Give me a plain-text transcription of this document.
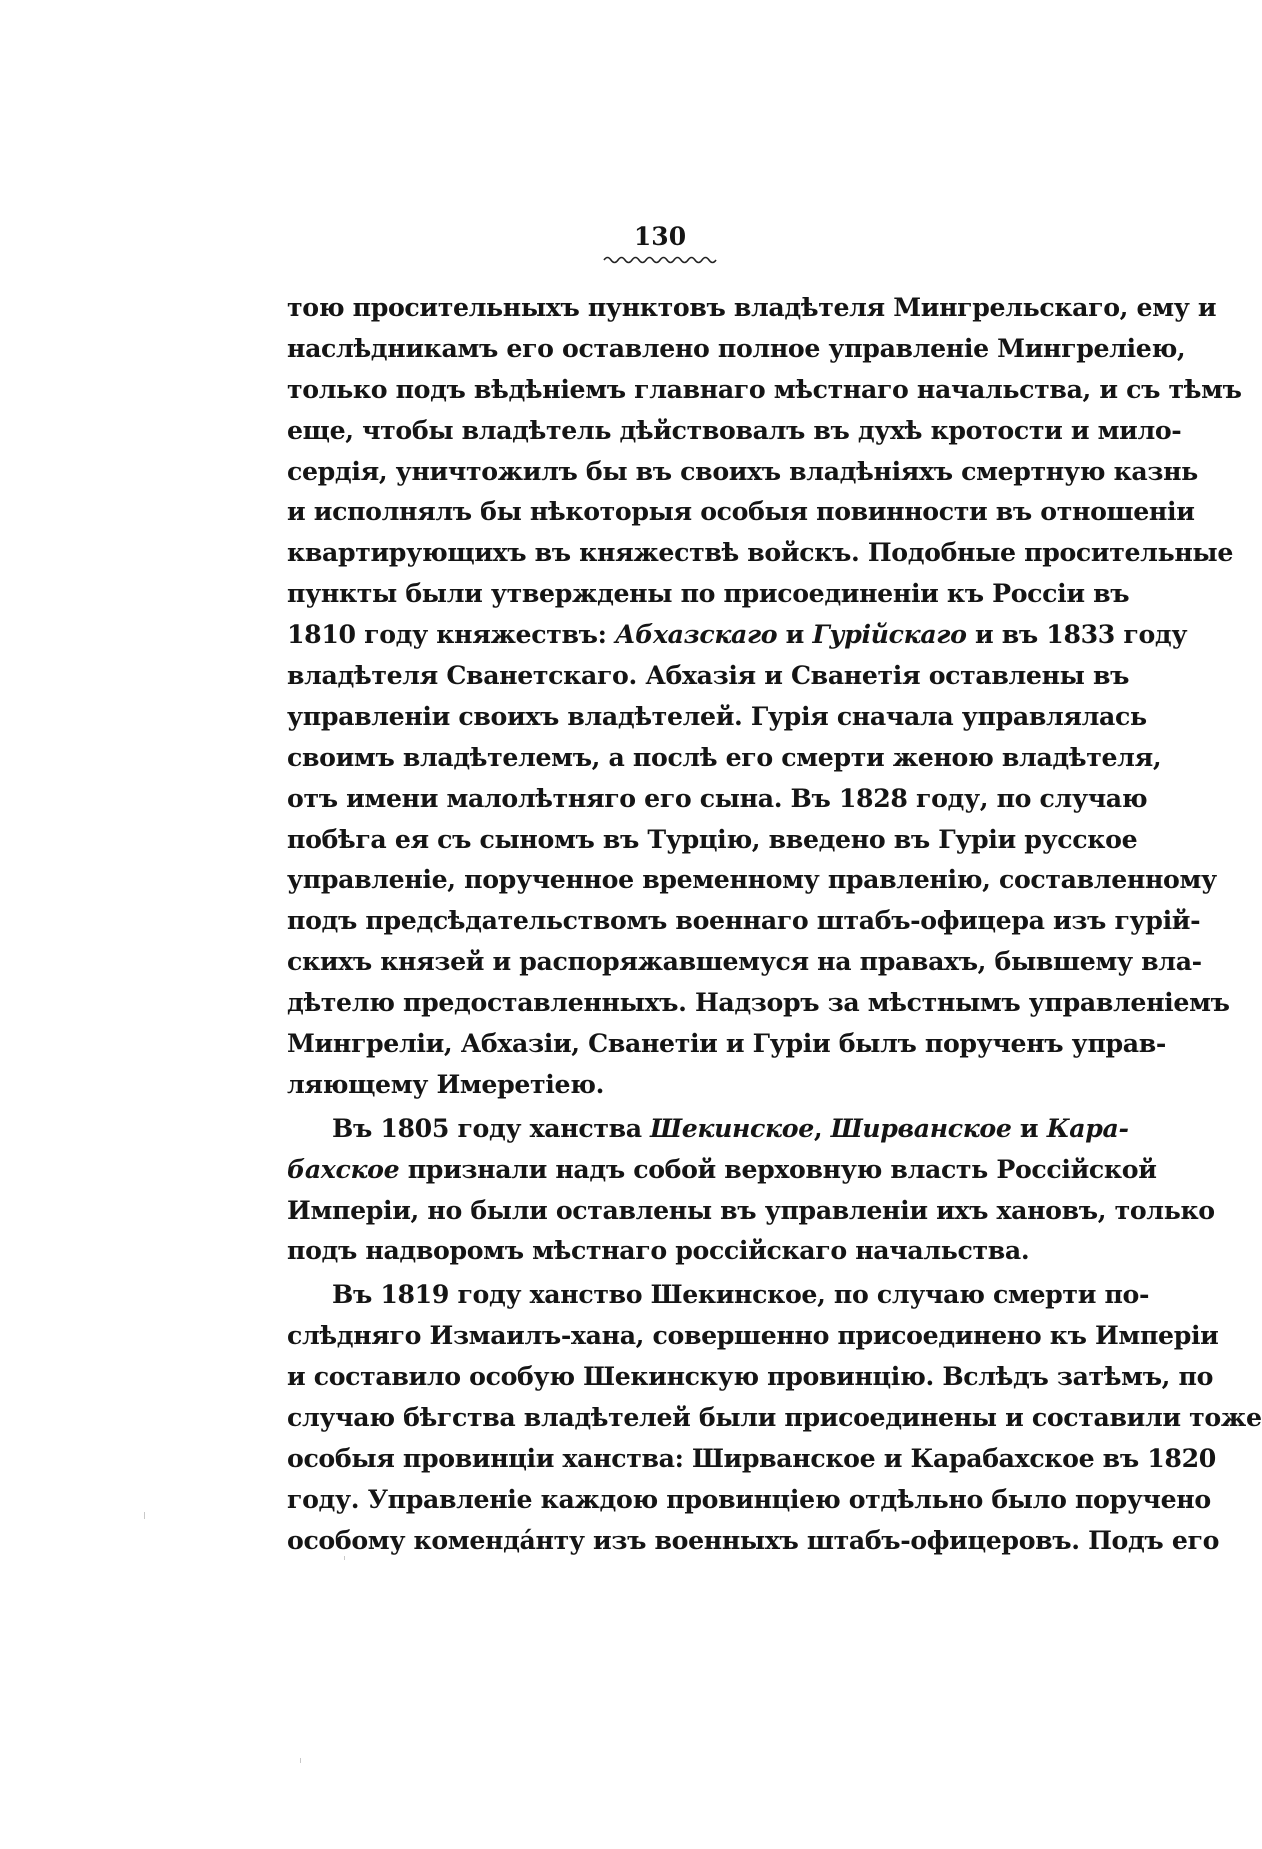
130
тою просительныхъ пунктовъ владѣтеля Мингрельскаго, ему и
наслѣдникамъ его оставлено полное управленіе Мингреліею,
только подъ вѣдѣніемъ главнаго мѣстнаго начальства, и съ тѣмъ
еще, чтобы владѣтель дѣйствовалъ въ духѣ кротости и мило-
сердія, уничтожилъ бы въ своихъ владѣніяхъ смертную казнь
и исполнялъ бы нѣкоторыя особыя повинности въ отношеніи
квартирующихъ въ княжествѣ войскъ. Подобные просительные
пункты были утверждены по присоединеніи къ Россіи въ
1810 году княжествъ: Абхазскаго и Гурійскаго и въ 1833 году
владѣтеля Сванетскаго. Абхазія и Сванетія оставлены въ
управленіи своихъ владѣтелей. Гурія сначала управлялась
своимъ владѣтелемъ, а послѣ его смерти женою владѣтеля,
отъ имени малолѣтняго его сына. Въ 1828 году, по случаю
побѣга ея съ сыномъ въ Турцію, введено въ Гуріи русское
управленіе, порученное временному правленію, составленному
подъ предсѣдательствомъ военнаго штабъ-офицера изъ гурій-
скихъ князей и распоряжавшемуся на правахъ, бывшему вла-
дѣтелю предоставленныхъ. Надзоръ за мѣстнымъ управленіемъ
Мингреліи, Абхазіи, Сванетіи и Гуріи былъ порученъ управ-
ляющему Имеретіею.
Въ 1805 году ханства Шекинское, Ширванское и Кара-
бахское признали надъ собой верховную власть Россійской
Имперіи, но были оставлены въ управленіи ихъ хановъ, только
подъ надворомъ мѣстнаго россійскаго начальства.
Въ 1819 году ханство Шекинское, по случаю смерти по-
слѣдняго Измаилъ-хана, совершенно присоединено къ Имперіи
и составило особую Шекинскую провинцію. Вслѣдъ затѣмъ, по
случаю бѣгства владѣтелей были присоединены и составили тоже
особыя провинціи ханства: Ширванское и Карабахское въ 1820
году. Управленіе каждою провинціею отдѣльно было поручено
особому комендáнту изъ военныхъ штабъ-офицеровъ. Подъ его
